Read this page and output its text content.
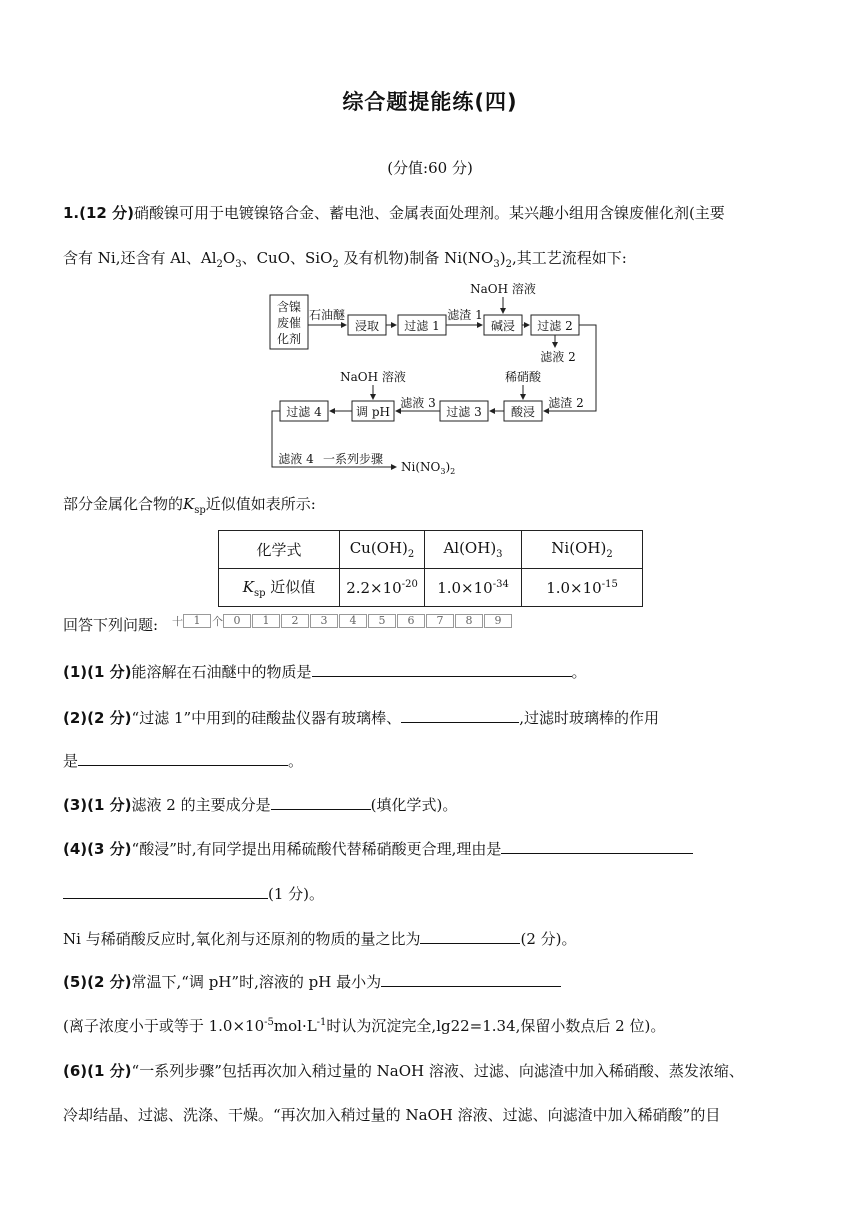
综合题提能练(四)
(分值:60 分)
1.(12 分)硝酸镍可用于电镀镍铬合金、蓄电池、金属表面处理剂。某兴趣小组用含镍废催化剂(主要
含有 Ni,还含有 Al、$Al_2O_3$、CuO、SiO$_2$ 及有机物)制备 $Ni(NO_3)_2$,其工艺流程如下:
含镍
废催
化剂
石油醚
浸取 过滤 1
滤渣 1
NaOH 溶液
碱浸 过滤 2
滤液 2
滤渣 2
稀硝酸
酸浸
过滤 3
滤液 3
NaOH 溶液
调 pH
过滤 4
滤液 4 一系列步骤
$Ni(NO_3)_2$
部分金属化合物的$K_{sp}$近似值如表所示:
化学式	$Cu(OH)_2$	$Al(OH)_3$	$Ni(OH)_2$
$K_{sp}$ 近似值	$2.2\times 10^{-20}$	$1.0\times 10^{-34}$	$1.0\times 10^{-15}$
回答下列问题: 十 1	个 0	1	2	3	4	5	6	7	8	9
(1)(1 分)能溶解在石油醚中的物质是	。
(2)(2 分)“过滤 1”中用到的硅酸盐仪器有玻璃棒、	,过滤时玻璃棒的作用
是	。
(3)(1 分)滤液 2 的主要成分是	(填化学式)。
(4)(3 分)“酸浸”时,有同学提出用稀硫酸代替稀硝酸更合理,理由是
(1 分)。
Ni 与稀硝酸反应时,氧化剂与还原剂的物质的量之比为	(2 分)。
(5)(2 分)常温下,“调 pH”时,溶液的 pH 最小为
(离子浓度小于或等于 $1.0\times 10^{-5}mol\cdot L^{-1}$时认为沉淀完全,lg22=1.34,保留小数点后 2 位)。
(6)(1 分)“一系列步骤”包括再次加入稍过量的 NaOH 溶液、过滤、向滤渣中加入稀硝酸、蒸发浓缩、
冷却结晶、过滤、洗涤、干燥。“再次加入稍过量的 NaOH 溶液、过滤、向滤渣中加入稀硝酸”的目
